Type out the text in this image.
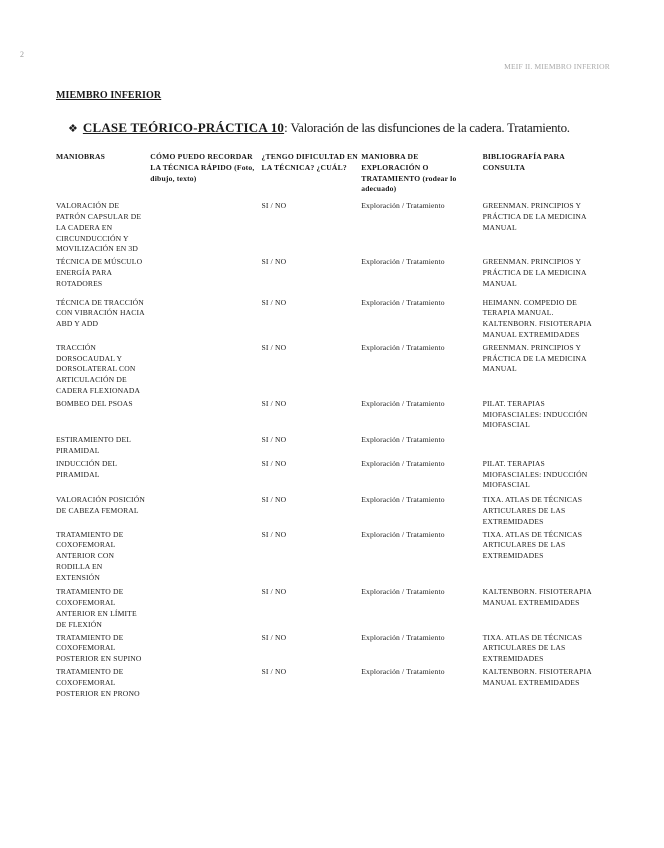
2
MEIF II. MIEMBRO INFERIOR
MIEMBRO INFERIOR
❖ CLASE TEÓRICO-PRÁCTICA 10: Valoración de las disfunciones de la cadera. Tratamiento.
MANIOBRAS	CÓMO PUEDO RECORDAR LA TÉCNICA RÁPIDO (Foto, dibujo, texto)	¿TENGO DIFICULTAD EN LA TÉCNICA? ¿CUÁL?	MANIOBRA DE EXPLORACIÓN O TRATAMIENTO (rodear lo adecuado)	BIBLIOGRAFÍA PARA CONSULTA
VALORACIÓN DE PATRÓN CAPSULAR DE LA CADERA EN CIRCUNDUCCIÓN Y MOVILIZACIÓN EN 3D		SI / NO	Exploración / Tratamiento	GREENMAN. PRINCIPIOS Y PRÁCTICA DE LA MEDICINA MANUAL
TÉCNICA DE MÚSCULO ENERGÍA PARA ROTADORES		SI / NO	Exploración / Tratamiento	GREENMAN. PRINCIPIOS Y PRÁCTICA DE LA MEDICINA MANUAL
TÉCNICA DE TRACCIÓN CON VIBRACIÓN HACIA ABD Y ADD		SI / NO	Exploración / Tratamiento	HEIMANN. COMPEDIO DE TERAPIA MANUAL. KALTENBORN. FISIOTERAPIA MANUAL EXTREMIDADES
TRACCIÓN DORSOCAUDAL Y DORSOLATERAL CON ARTICULACIÓN DE CADERA FLEXIONADA		SI / NO	Exploración / Tratamiento	GREENMAN. PRINCIPIOS Y PRÁCTICA DE LA MEDICINA MANUAL
BOMBEO DEL PSOAS		SI / NO	Exploración / Tratamiento	PILAT. TERAPIAS MIOFASCIALES: INDUCCIÓN MIOFASCIAL
ESTIRAMIENTO DEL PIRAMIDAL		SI / NO	Exploración / Tratamiento	
INDUCCIÓN DEL PIRAMIDAL		SI / NO	Exploración / Tratamiento	PILAT. TERAPIAS MIOFASCIALES: INDUCCIÓN MIOFASCIAL
VALORACIÓN POSICIÓN DE CABEZA FEMORAL		SI / NO	Exploración / Tratamiento	TIXA. ATLAS DE TÉCNICAS ARTICULARES DE LAS EXTREMIDADES
TRATAMIENTO DE COXOFEMORAL ANTERIOR CON RODILLA EN EXTENSIÓN		SI / NO	Exploración / Tratamiento	TIXA. ATLAS DE TÉCNICAS ARTICULARES DE LAS EXTREMIDADES
TRATAMIENTO DE COXOFEMORAL ANTERIOR EN LÍMITE DE FLEXIÓN		SI / NO	Exploración / Tratamiento	KALTENBORN. FISIOTERAPIA MANUAL EXTREMIDADES
TRATAMIENTO DE COXOFEMORAL POSTERIOR EN SUPINO		SI / NO	Exploración / Tratamiento	TIXA. ATLAS DE TÉCNICAS ARTICULARES DE LAS EXTREMIDADES
TRATAMIENTO DE COXOFEMORAL POSTERIOR EN PRONO		SI / NO	Exploración / Tratamiento	KALTENBORN. FISIOTERAPIA MANUAL EXTREMIDADES
